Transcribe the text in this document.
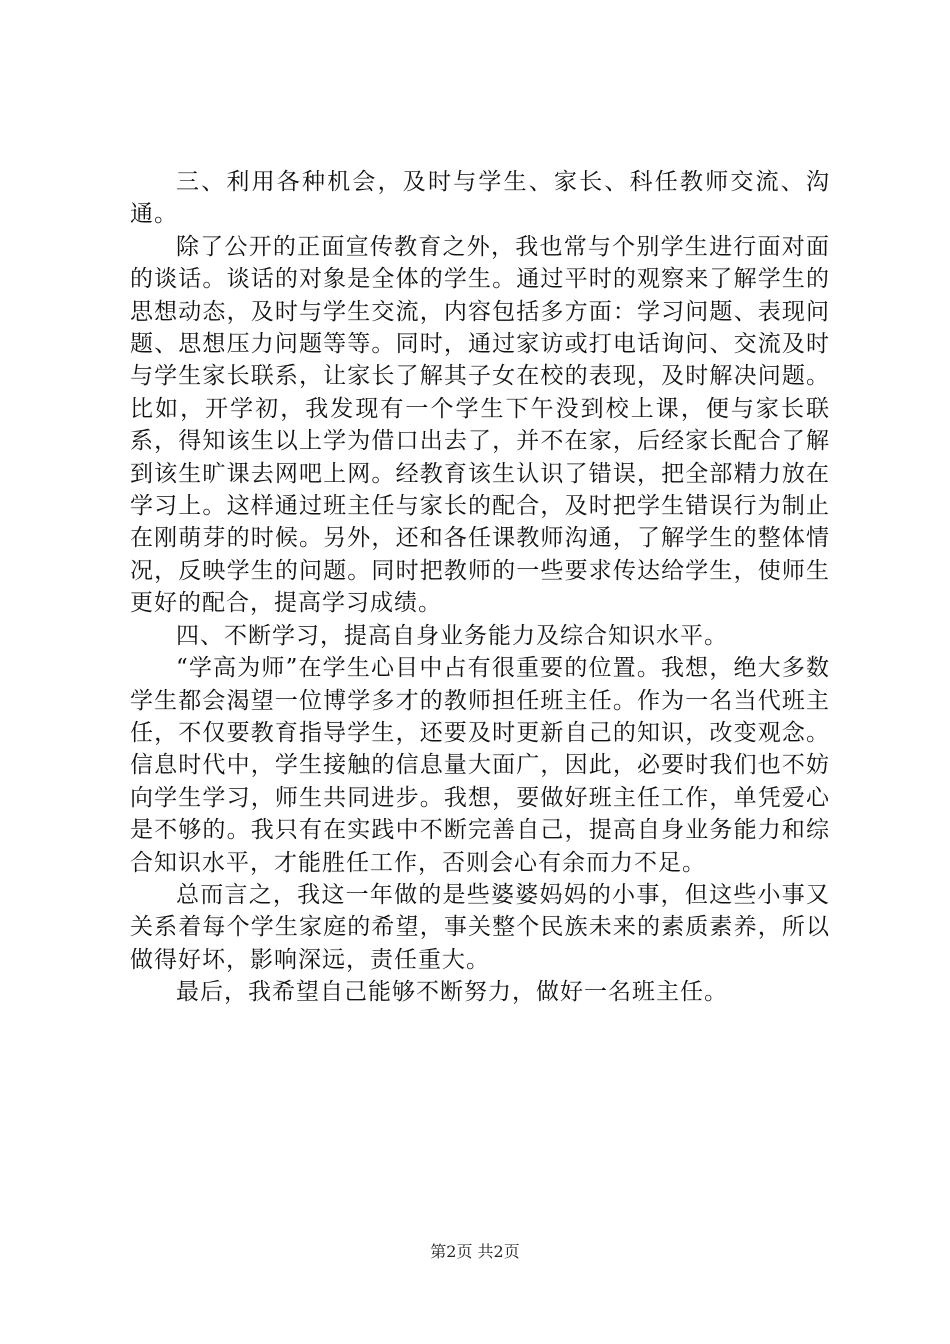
三、利用各种机会，及时与学生、家长、科任教师交流、沟通。

除了公开的正面宣传教育之外，我也常与个别学生进行面对面的谈话。谈话的对象是全体的学生。通过平时的观察来了解学生的思想动态，及时与学生交流，内容包括多方面：学习问题、表现问题、思想压力问题等等。同时，通过家访或打电话询问、交流及时与学生家长联系，让家长了解其子女在校的表现，及时解决问题。比如，开学初，我发现有一个学生下午没到校上课，便与家长联系，得知该生以上学为借口出去了，并不在家，后经家长配合了解到该生旷课去网吧上网。经教育该生认识了错误，把全部精力放在学习上。这样通过班主任与家长的配合，及时把学生错误行为制止在刚萌芽的时候。另外，还和各任课教师沟通，了解学生的整体情况，反映学生的问题。同时把教师的一些要求传达给学生，使师生更好的配合，提高学习成绩。

四、不断学习，提高自身业务能力及综合知识水平。

“学高为师”在学生心目中占有很重要的位置。我想，绝大多数学生都会渴望一位博学多才的教师担任班主任。作为一名当代班主任，不仅要教育指导学生，还要及时更新自己的知识，改变观念。信息时代中，学生接触的信息量大面广，因此，必要时我们也不妨向学生学习，师生共同进步。我想，要做好班主任工作，单凭爱心是不够的。我只有在实践中不断完善自己，提高自身业务能力和综合知识水平，才能胜任工作，否则会心有余而力不足。

总而言之，我这一年做的是些婆婆妈妈的小事，但这些小事又关系着每个学生家庭的希望，事关整个民族未来的素质素养，所以做得好坏，影响深远，责任重大。

最后，我希望自己能够不断努力，做好一名班主任。

第2页 共2页
